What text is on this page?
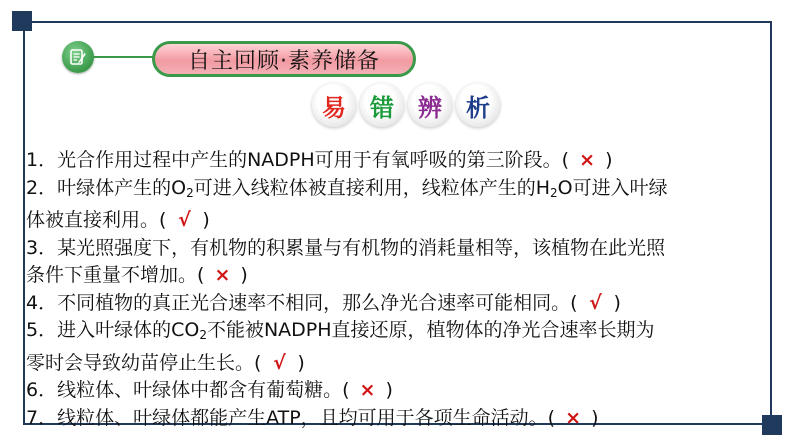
自主回顾·素养储备
易	错	辨	析
1．光合作用过程中产生的NADPH可用于有氧呼吸的第三阶段。( × )
2．叶绿体产生的$O_2$可进入线粒体被直接利用，线粒体产生的$H_2O$可进入叶绿
体被直接利用。( √ )
3．某光照强度下，有机物的积累量与有机物的消耗量相等，该植物在此光照
条件下重量不增加。( × )
4．不同植物的真正光合速率不相同，那么净光合速率可能相同。( √ )
5．进入叶绿体的$CO_2$不能被NADPH直接还原，植物体的净光合速率长期为
零时会导致幼苗停止生长。( √ )
6．线粒体、叶绿体中都含有葡萄糖。( × )
7．线粒体、叶绿体都能产生ATP，且均可用于各项生命活动。( × )
